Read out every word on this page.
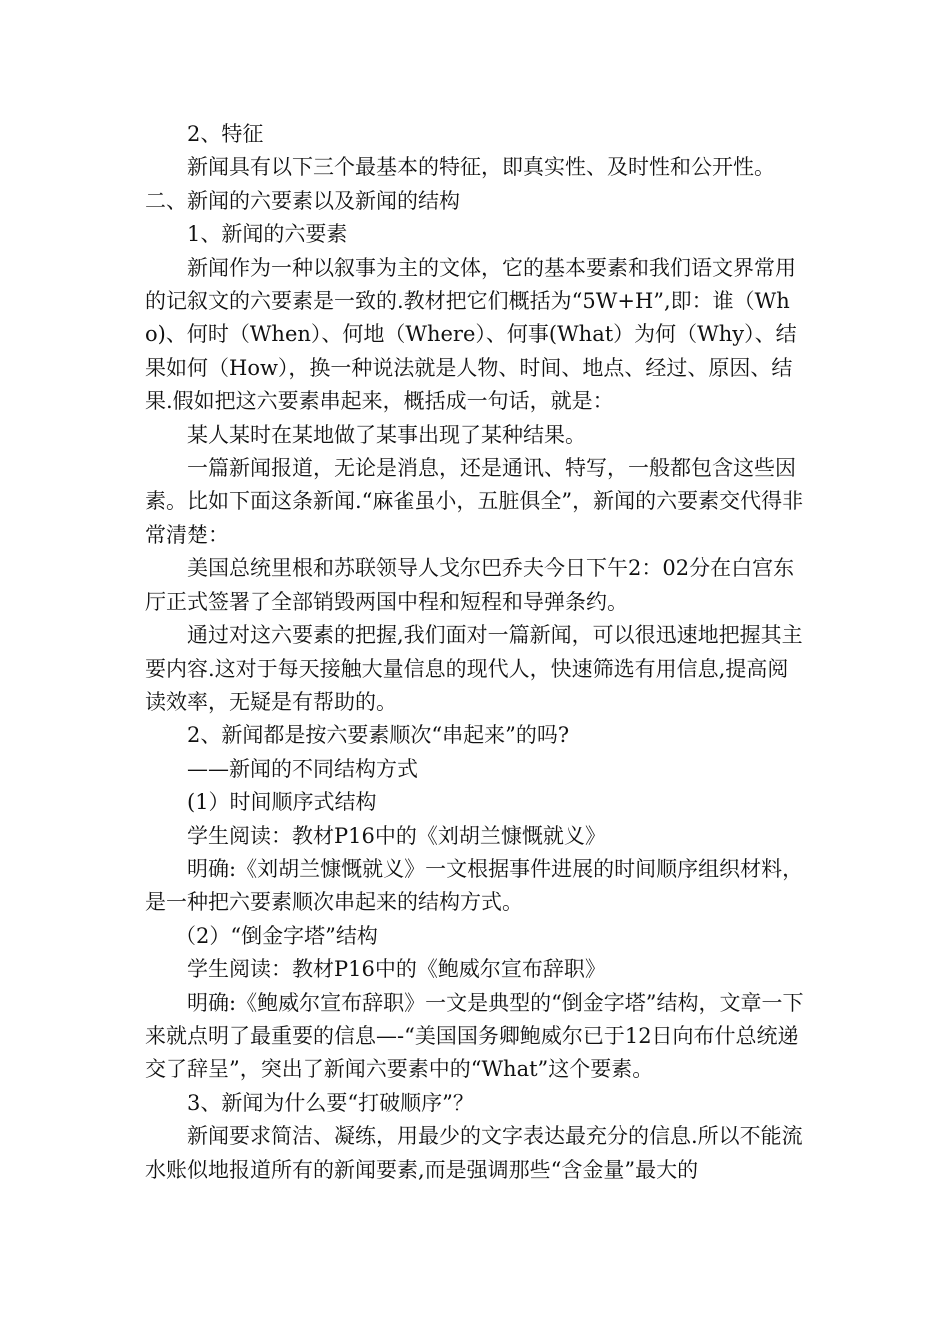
2、特征

新闻具有以下三个最基本的特征，即真实性、及时性和公开性。

二、新闻的六要素以及新闻的结构

1、新闻的六要素

新闻作为一种以叙事为主的文体，它的基本要素和我们语文界常用的记叙文的六要素是一致的.教材把它们概括为“5W+H”,即：谁（Who)、何时（When）、何地（Where）、何事(What）为何（Why）、结果如何（How），换一种说法就是人物、时间、地点、经过、原因、结果.假如把这六要素串起来，概括成一句话，就是：

某人某时在某地做了某事出现了某种结果。

一篇新闻报道，无论是消息，还是通讯、特写，一般都包含这些因素。比如下面这条新闻.“麻雀虽小，五脏俱全”，新闻的六要素交代得非常清楚：

美国总统里根和苏联领导人戈尔巴乔夫今日下午2：02分在白宫东厅正式签署了全部销毁两国中程和短程和导弹条约。

通过对这六要素的把握,我们面对一篇新闻，可以很迅速地把握其主要内容.这对于每天接触大量信息的现代人，快速筛选有用信息,提高阅读效率，无疑是有帮助的。

2、新闻都是按六要素顺次“串起来”的吗?

——新闻的不同结构方式

(1）时间顺序式结构

学生阅读：教材P16中的《刘胡兰慷慨就义》

明确:《刘胡兰慷慨就义》一文根据事件进展的时间顺序组织材料，是一种把六要素顺次串起来的结构方式。

（2）“倒金字塔”结构

学生阅读：教材P16中的《鲍威尔宣布辞职》

明确:《鲍威尔宣布辞职》一文是典型的“倒金字塔”结构，文章一下来就点明了最重要的信息—-“美国国务卿鲍威尔已于12日向布什总统递交了辞呈”，突出了新闻六要素中的“What”这个要素。

3、新闻为什么要“打破顺序”？

新闻要求简洁、凝练，用最少的文字表达最充分的信息.所以不能流水账似地报道所有的新闻要素,而是强调那些“含金量”最大的
